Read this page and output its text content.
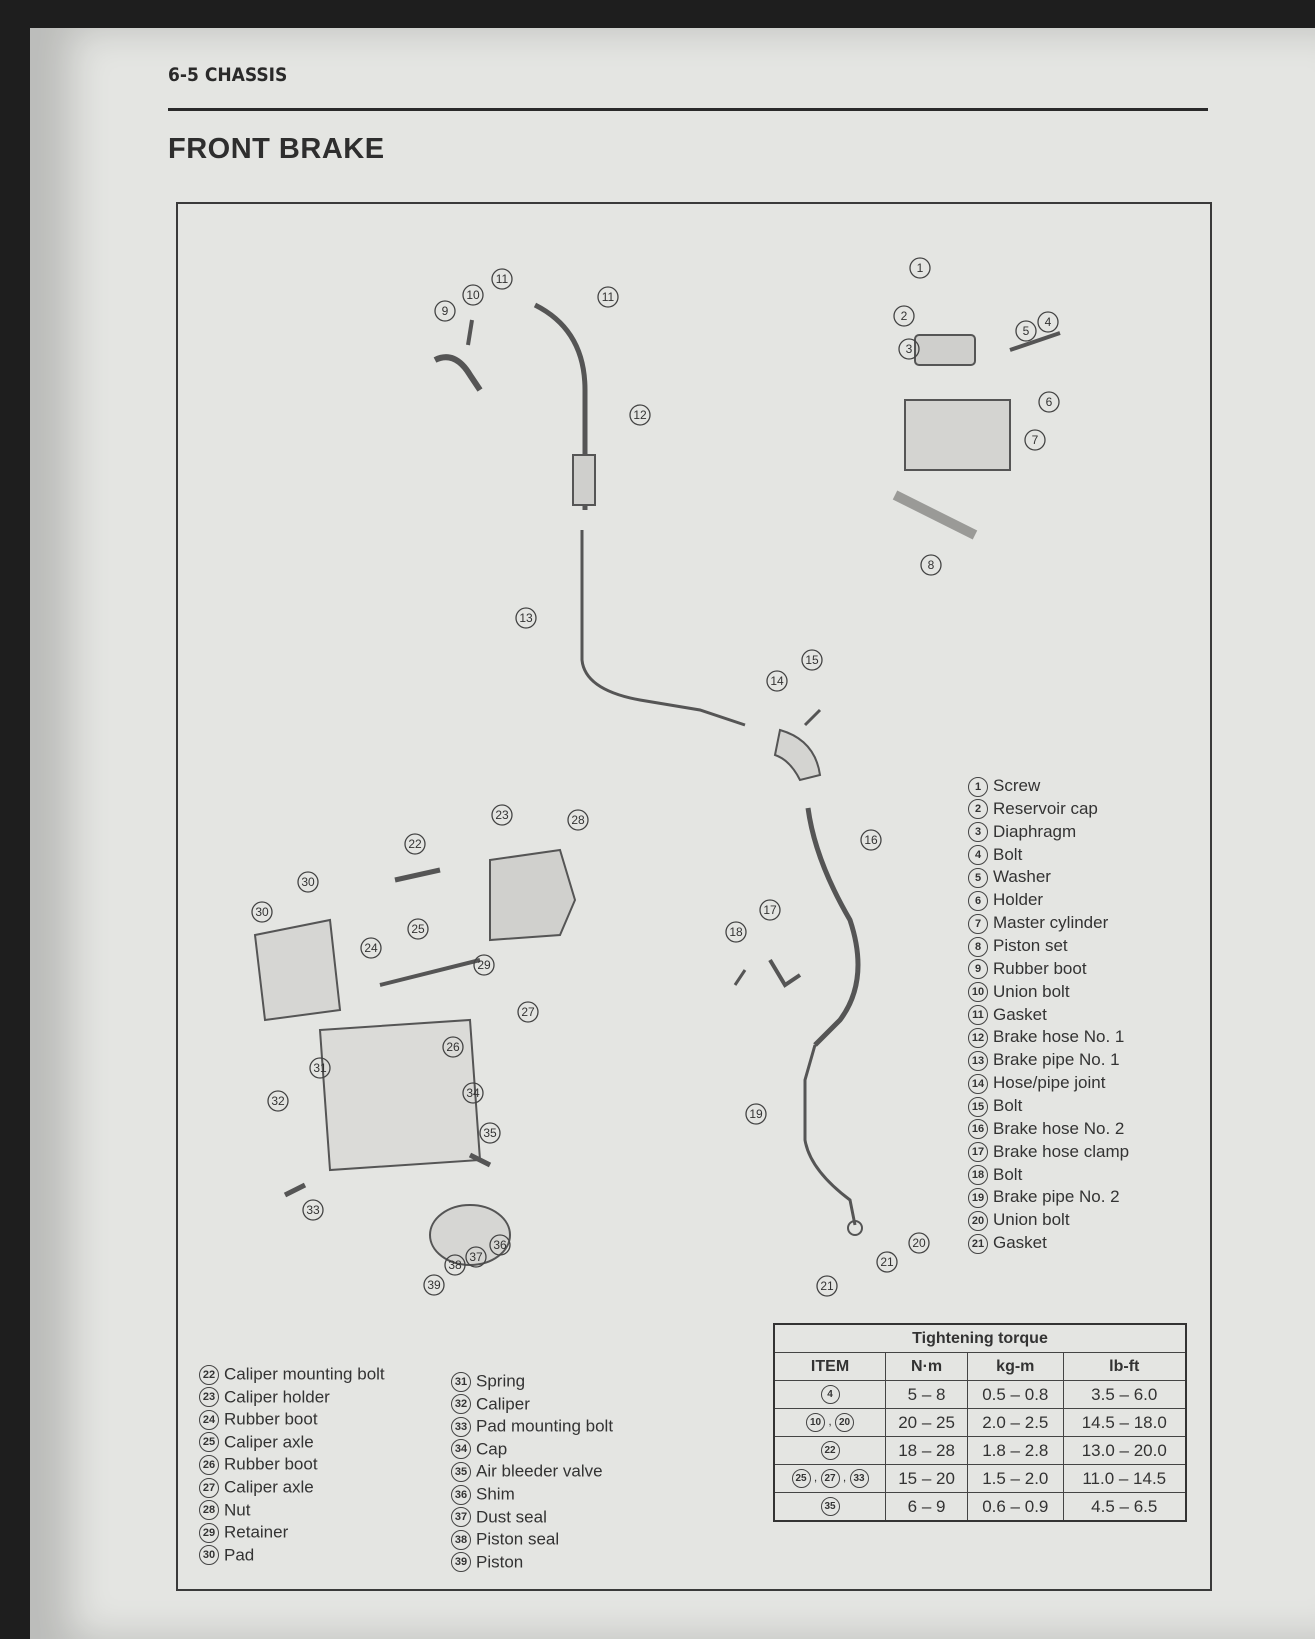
6-5 CHASSIS
FRONT BRAKE
1
2
3
4
5
6
7
8
9
10
11
11
12
13
14
15
16
17
18
19
20
21
21
22
23
24
25
26
27
28
29
30
30
31
32
33
34
35
36
37
38
39
1 Screw
2 Reservoir cap
3 Diaphragm
4 Bolt
5 Washer
6 Holder
7 Master cylinder
8 Piston set
9 Rubber boot
10 Union bolt
11 Gasket
12 Brake hose No. 1
13 Brake pipe No. 1
14 Hose/pipe joint
15 Bolt
16 Brake hose No. 2
17 Brake hose clamp
18 Bolt
19 Brake pipe No. 2
20 Union bolt
21 Gasket
22 Caliper mounting bolt
23 Caliper holder
24 Rubber boot
25 Caliper axle
26 Rubber boot
27 Caliper axle
28 Nut
29 Retainer
30 Pad
31 Spring
32 Caliper
33 Pad mounting bolt
34 Cap
35 Air bleeder valve
36 Shim
37 Dust seal
38 Piston seal
39 Piston
Tightening torque			
ITEM	N·m	kg-m	lb-ft
4	5 – 8	0.5 – 0.8	3.5 – 6.0
10 , 20	20 – 25	2.0 – 2.5	14.5 – 18.0
22	18 – 28	1.8 – 2.8	13.0 – 20.0
25 , 27 , 33	15 – 20	1.5 – 2.0	11.0 – 14.5
35	6 – 9	0.6 – 0.9	4.5 – 6.5
